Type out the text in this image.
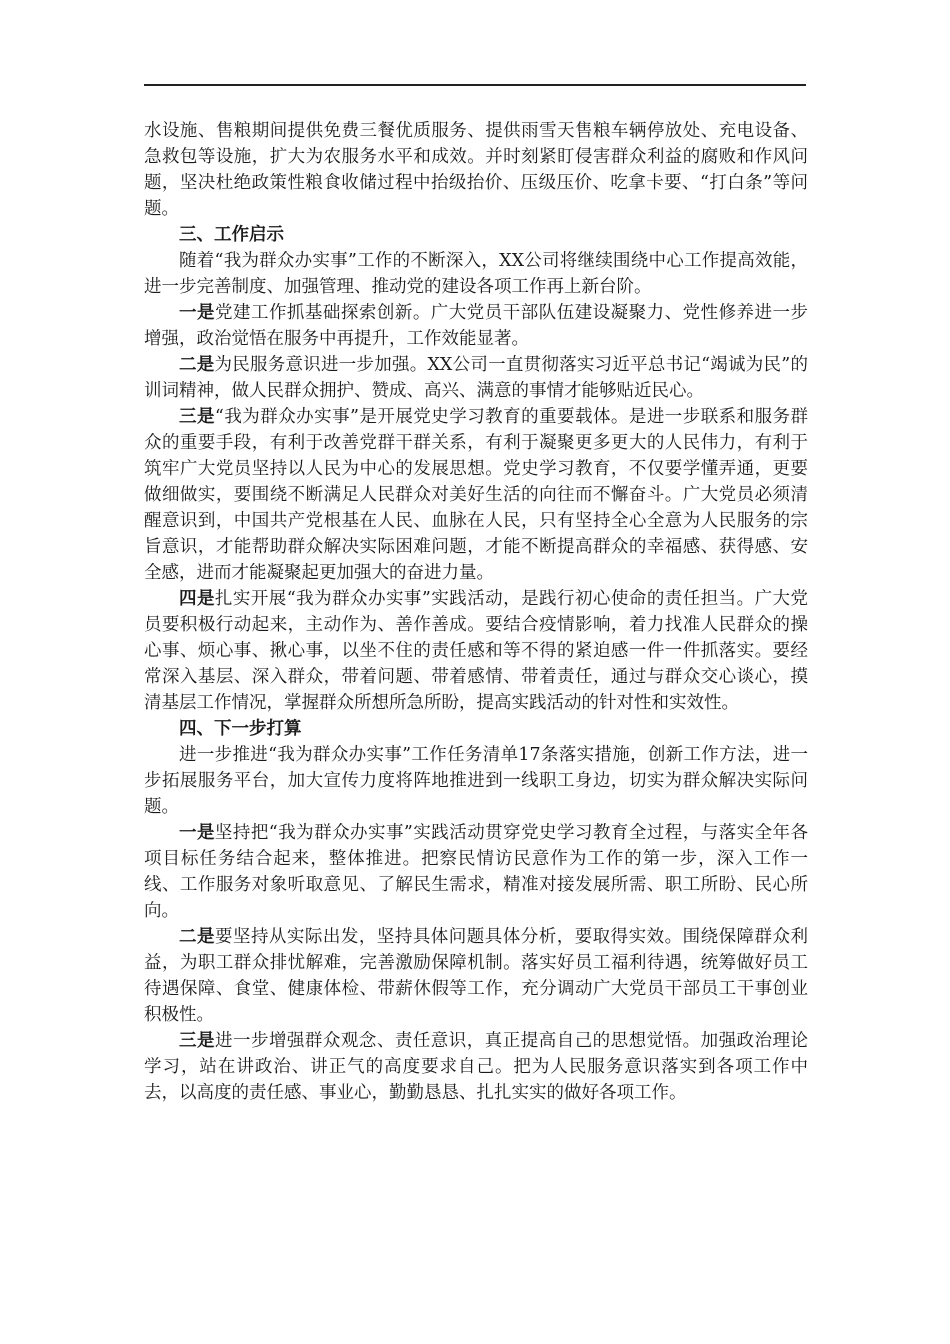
水设施、售粮期间提供免费三餐优质服务、提供雨雪天售粮车辆停放处、充电设备、急救包等设施，扩大为农服务水平和成效。并时刻紧盯侵害群众利益的腐败和作风问题，坚决杜绝政策性粮食收储过程中抬级抬价、压级压价、吃拿卡要、“打白条”等问题。

三、工作启示

随着“我为群众办实事”工作的不断深入，XX公司将继续围绕中心工作提高效能，进一步完善制度、加强管理、推动党的建设各项工作再上新台阶。

一是党建工作抓基础探索创新。广大党员干部队伍建设凝聚力、党性修养进一步增强，政治觉悟在服务中再提升，工作效能显著。

二是为民服务意识进一步加强。XX公司一直贯彻落实习近平总书记“竭诚为民”的训词精神，做人民群众拥护、赞成、高兴、满意的事情才能够贴近民心。

三是“我为群众办实事”是开展党史学习教育的重要载体。是进一步联系和服务群众的重要手段，有利于改善党群干群关系，有利于凝聚更多更大的人民伟力，有利于筑牢广大党员坚持以人民为中心的发展思想。党史学习教育，不仅要学懂弄通，更要做细做实，要围绕不断满足人民群众对美好生活的向往而不懈奋斗。广大党员必须清醒意识到，中国共产党根基在人民、血脉在人民，只有坚持全心全意为人民服务的宗旨意识，才能帮助群众解决实际困难问题，才能不断提高群众的幸福感、获得感、安全感，进而才能凝聚起更加强大的奋进力量。

四是扎实开展“我为群众办实事”实践活动，是践行初心使命的责任担当。广大党员要积极行动起来，主动作为、善作善成。要结合疫情影响，着力找准人民群众的操心事、烦心事、揪心事，以坐不住的责任感和等不得的紧迫感一件一件抓落实。要经常深入基层、深入群众，带着问题、带着感情、带着责任，通过与群众交心谈心，摸清基层工作情况，掌握群众所想所急所盼，提高实践活动的针对性和实效性。

四、下一步打算

进一步推进“我为群众办实事”工作任务清单17条落实措施，创新工作方法，进一步拓展服务平台，加大宣传力度将阵地推进到一线职工身边，切实为群众解决实际问题。

一是坚持把“我为群众办实事”实践活动贯穿党史学习教育全过程，与落实全年各项目标任务结合起来，整体推进。把察民情访民意作为工作的第一步，深入工作一线、工作服务对象听取意见、了解民生需求，精准对接发展所需、职工所盼、民心所向。

二是要坚持从实际出发，坚持具体问题具体分析，要取得实效。围绕保障群众利益，为职工群众排忧解难，完善激励保障机制。落实好员工福利待遇，统筹做好员工待遇保障、食堂、健康体检、带薪休假等工作，充分调动广大党员干部员工干事创业积极性。

三是进一步增强群众观念、责任意识，真正提高自己的思想觉悟。加强政治理论学习，站在讲政治、讲正气的高度要求自己。把为人民服务意识落实到各项工作中去，以高度的责任感、事业心，勤勤恳恳、扎扎实实的做好各项工作。
